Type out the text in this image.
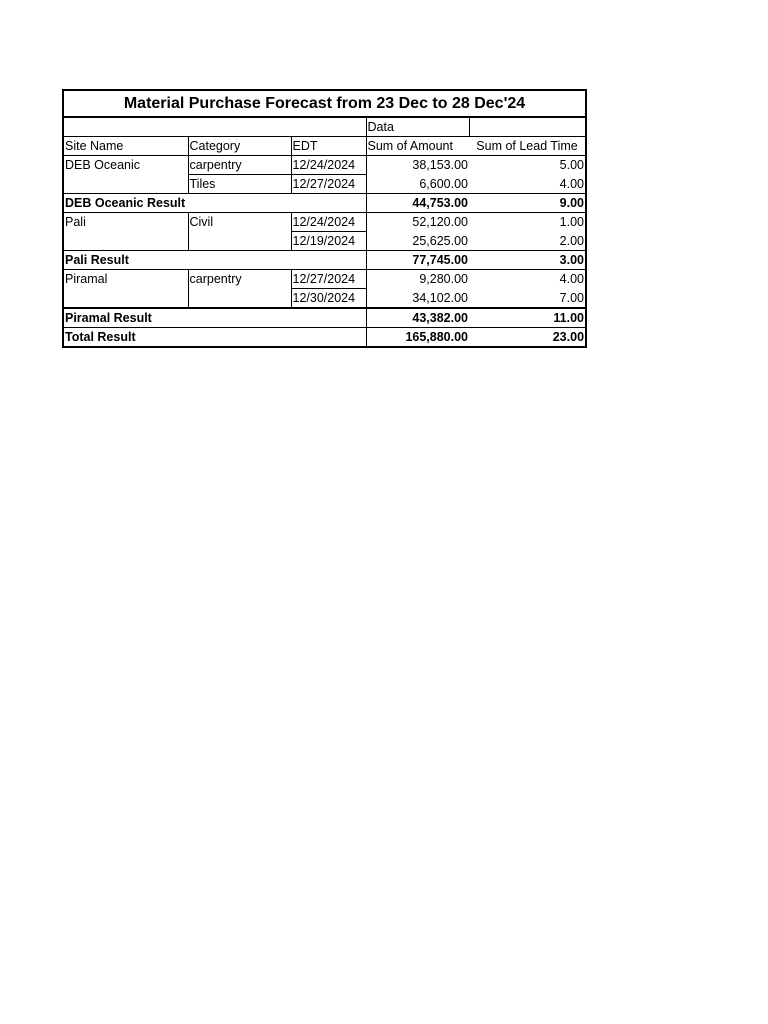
Material Purchase Forecast from 23 Dec to 28 Dec'24				
			Data	
Site Name	Category	EDT	Sum of Amount	Sum of Lead Time
DEB Oceanic	carpentry	12/24/2024	38,153.00	5.00
	Tiles	12/27/2024	6,600.00	4.00
DEB Oceanic Result			44,753.00	9.00
Pali	Civil	12/24/2024	52,120.00	1.00
		12/19/2024	25,625.00	2.00
Pali Result			77,745.00	3.00
Piramal	carpentry	12/27/2024	9,280.00	4.00
		12/30/2024	34,102.00	7.00
Piramal Result			43,382.00	11.00
Total Result			165,880.00	23.00
